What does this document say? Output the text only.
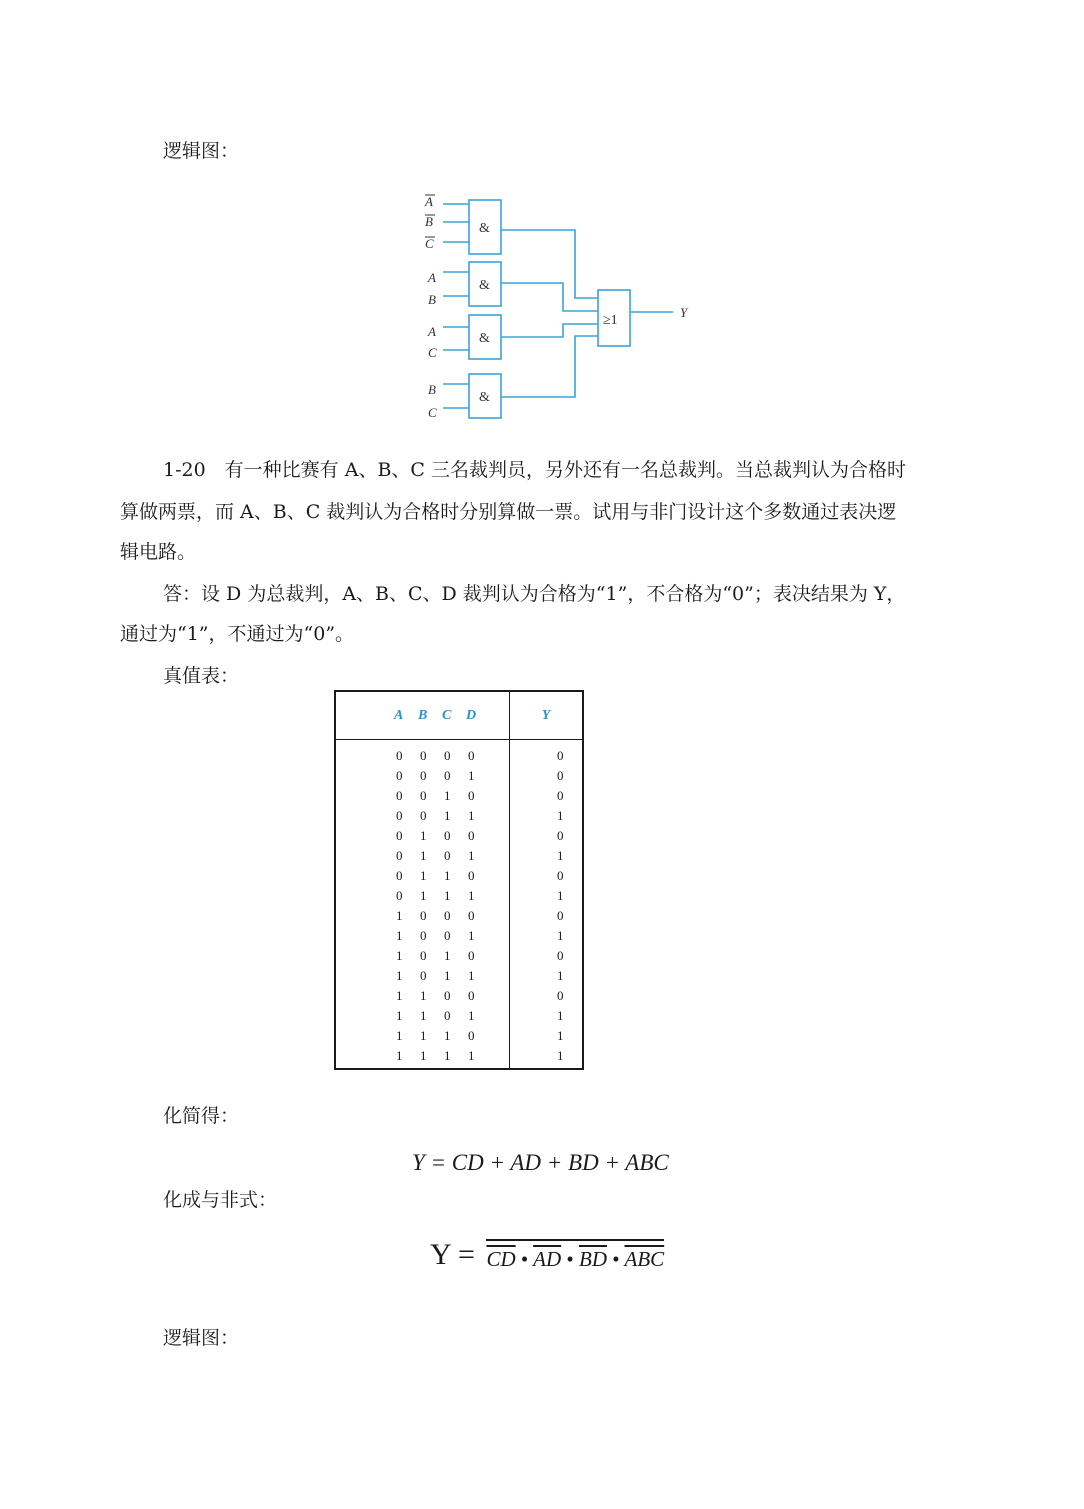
逻辑图：
A
B
C
A
B
A
C
B
C
&
&
&
&
≥1
Y
1-20　有一种比赛有 A、B、C 三名裁判员，另外还有一名总裁判。当总裁判认为合格时
算做两票，而 A、B、C 裁判认为合格时分别算做一票。试用与非门设计这个多数通过表决逻
辑电路。
答：设 D 为总裁判，A、B、C、D 裁判认为合格为“1”，不合格为“0”；表决结果为 Y，
通过为“1”，不通过为“0”。
真值表：
A B C D	Y
0 0 0 0	0
0 0 0 1	0
0 0 1 0	0
0 0 1 1	1
0 1 0 0	0
0 1 0 1	1
0 1 1 0	0
0 1 1 1	1
1 0 0 0	0
1 0 0 1	1
1 0 1 0	0
1 0 1 1	1
1 1 0 0	0
1 1 0 1	1
1 1 1 0	1
1 1 1 1	1
化简得：
Y = CD + AD + BD + ABC
化成与非式：
$Y = \overline{CD}$ • $\overline{AD}$ • $\overline{BD}$ • $\overline{ABC}$
逻辑图：
